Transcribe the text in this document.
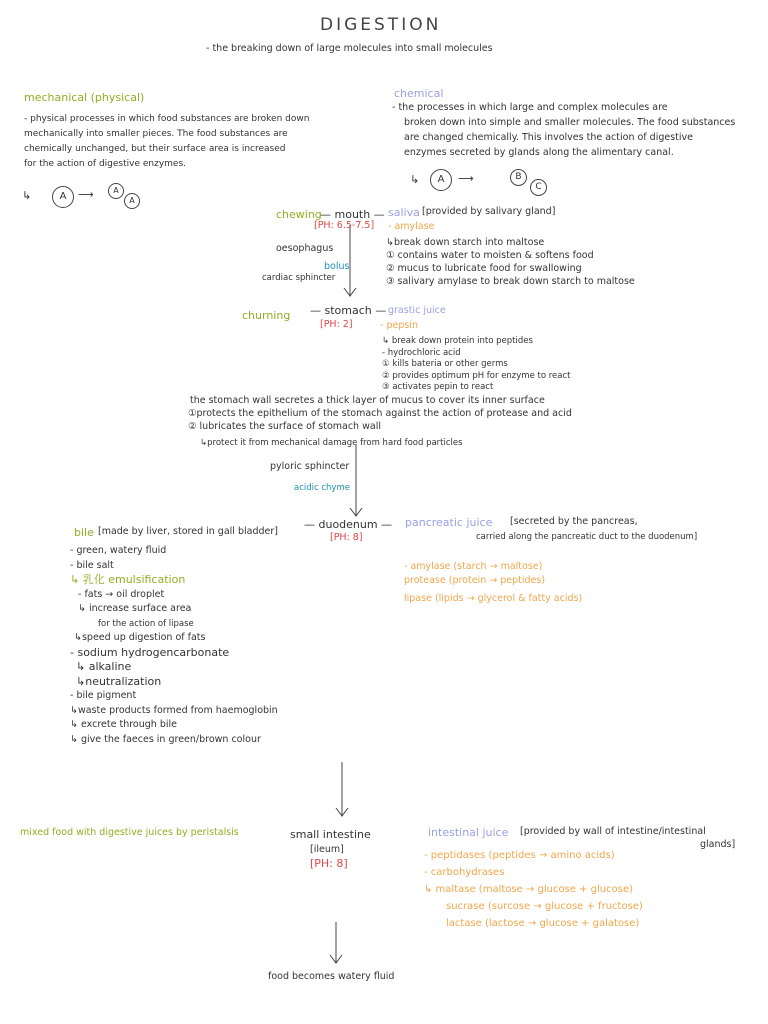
DIGESTION
- the breaking down of large molecules into small molecules
mechanical (physical)
- physical processes in which food substances are broken down
mechanically into smaller pieces. The food substances are
chemically unchanged, but their surface area is increased
for the action of digestive enzymes.
↳	A	⟶	A
A
chemical
- the processes in which large and complex molecules are
broken down into simple and smaller molecules. The food substances
are changed chemically. This involves the action of digestive
enzymes secreted by glands along the alimentary canal.
↳	A	⟶	B
C
chewing
— mouth —
[PH: 6.5-7.5]
saliva [provided by salivary gland]
- amylase
↳break down starch into maltose
① contains water to moisten & softens food
② mucus to lubricate food for swallowing
③ salivary amylase to break down starch to maltose
oesophagus
bolus
cardiac sphincter
churning — stomach —
[PH: 2]
grastic juice
- pepsin
↳ break down protein into peptides
- hydrochloric acid
① kills bateria or other germs
② provides optimum pH for enzyme to react
③ activates pepin to react
the stomach wall secretes a thick layer of mucus to cover its inner surface
①protects the epithelium of the stomach against the action of protease and acid
② lubricates the surface of stomach wall
↳protect it from mechanical damage from hard food particles
pyloric sphincter
acidic chyme
bile [made by liver, stored in gall bladder]
— duodenum —
[PH: 8]
pancreatic juice [secreted by the pancreas,
carried along the pancreatic duct to the duodenum]
- amylase (starch → maltose)
protease (protein → peptides)
lipase (lipids → glycerol & fatty acids)
- green, watery fluid
- bile salt
↳ 乳化 emulsification
- fats → oil droplet
↳ increase surface area
for the action of lipase
↳speed up digestion of fats
- sodium hydrogencarbonate
↳ alkaline
↳neutralization
- bile pigment
↳waste products formed from haemoglobin
↳ excrete through bile
↳ give the faeces in green/brown colour
mixed food with digestive juices by peristalsis	small intestine
[ileum]
[PH: 8]
intestinal juice [provided by wall of intestine/intestinal
glands]
- peptidases (peptides → amino acids)
- carbohydrases
↳ maltase (maltose → glucose + glucose)
sucrase (surcose → glucose + fructose)
lactase (lactose → glucose + galatose)
food becomes watery fluid
